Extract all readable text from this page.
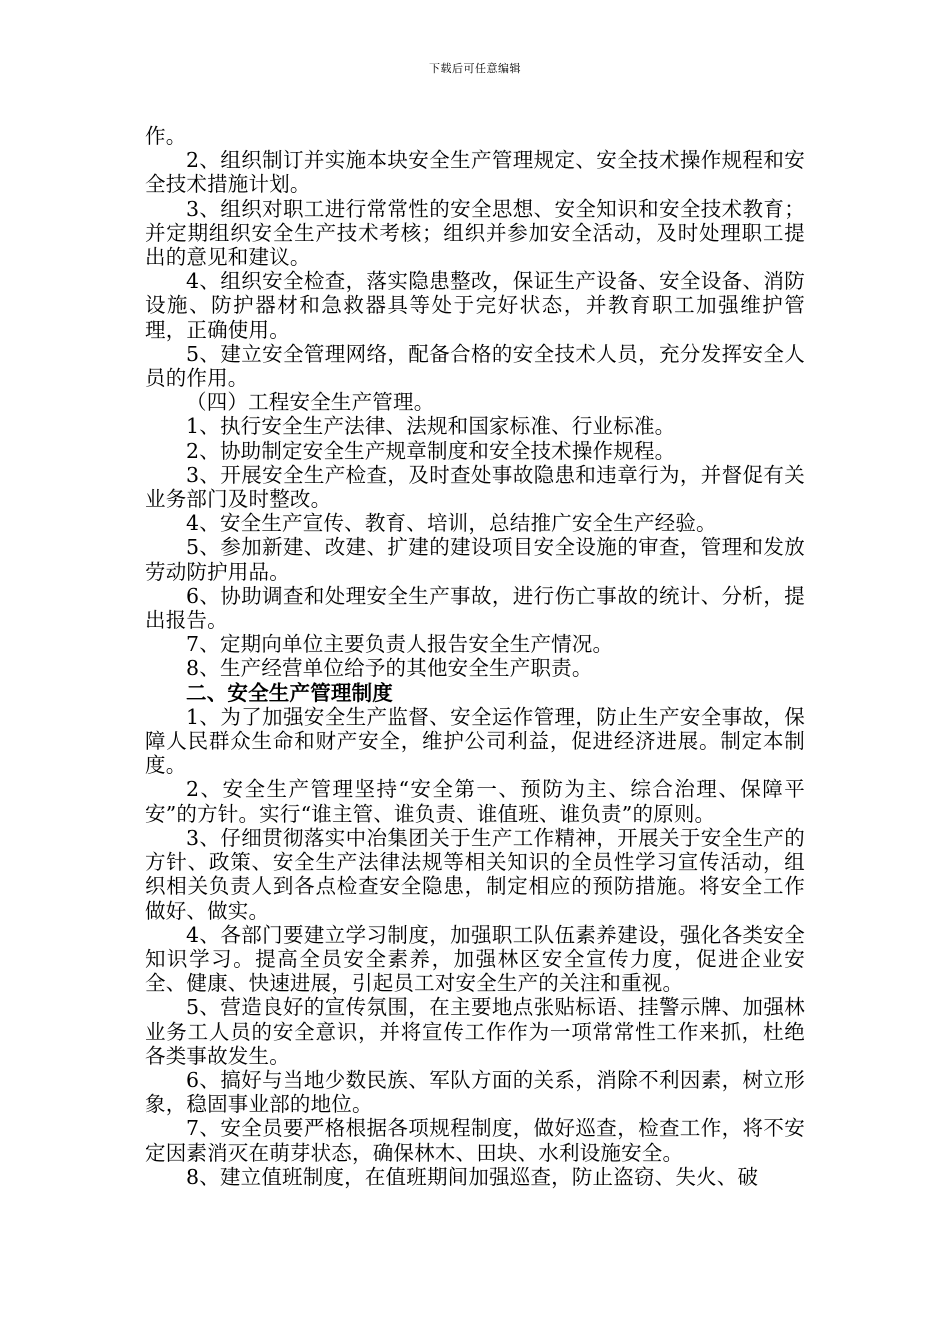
下载后可任意编辑

作。

2、组织制订并实施本块安全生产管理规定、安全技术操作规程和安全技术措施计划。

3、组织对职工进行常常性的安全思想、安全知识和安全技术教育；并定期组织安全生产技术考核；组织并参加安全活动，及时处理职工提出的意见和建议。

4、组织安全检查，落实隐患整改，保证生产设备、安全设备、消防设施、防护器材和急救器具等处于完好状态，并教育职工加强维护管理，正确使用。

5、建立安全管理网络，配备合格的安全技术人员，充分发挥安全人员的作用。

（四）工程安全生产管理。

1、执行安全生产法律、法规和国家标准、行业标准。

2、协助制定安全生产规章制度和安全技术操作规程。

3、开展安全生产检查，及时查处事故隐患和违章行为，并督促有关业务部门及时整改。

4、安全生产宣传、教育、培训，总结推广安全生产经验。

5、参加新建、改建、扩建的建设项目安全设施的审查，管理和发放劳动防护用品。

6、协助调查和处理安全生产事故，进行伤亡事故的统计、分析，提出报告。

7、定期向单位主要负责人报告安全生产情况。

8、生产经营单位给予的其他安全生产职责。

二、安全生产管理制度

1、为了加强安全生产监督、安全运作管理，防止生产安全事故，保障人民群众生命和财产安全，维护公司利益，促进经济进展。制定本制度。

2、安全生产管理坚持“安全第一、预防为主、综合治理、保障平安”的方针。实行“谁主管、谁负责、谁值班、谁负责”的原则。

3、仔细贯彻落实中冶集团关于生产工作精神，开展关于安全生产的方针、政策、安全生产法律法规等相关知识的全员性学习宣传活动，组织相关负责人到各点检查安全隐患，制定相应的预防措施。将安全工作做好、做实。

4、各部门要建立学习制度，加强职工队伍素养建设，强化各类安全知识学习。提高全员安全素养，加强林区安全宣传力度，促进企业安全、健康、快速进展，引起员工对安全生产的关注和重视。

5、营造良好的宣传氛围，在主要地点张贴标语、挂警示牌、加强林业务工人员的安全意识，并将宣传工作作为一项常常性工作来抓，杜绝各类事故发生。

6、搞好与当地少数民族、军队方面的关系，消除不利因素，树立形象，稳固事业部的地位。

7、安全员要严格根据各项规程制度，做好巡查，检查工作，将不安定因素消灭在萌芽状态，确保林木、田块、水利设施安全。

8、建立值班制度，在值班期间加强巡查，防止盗窃、失火、破
